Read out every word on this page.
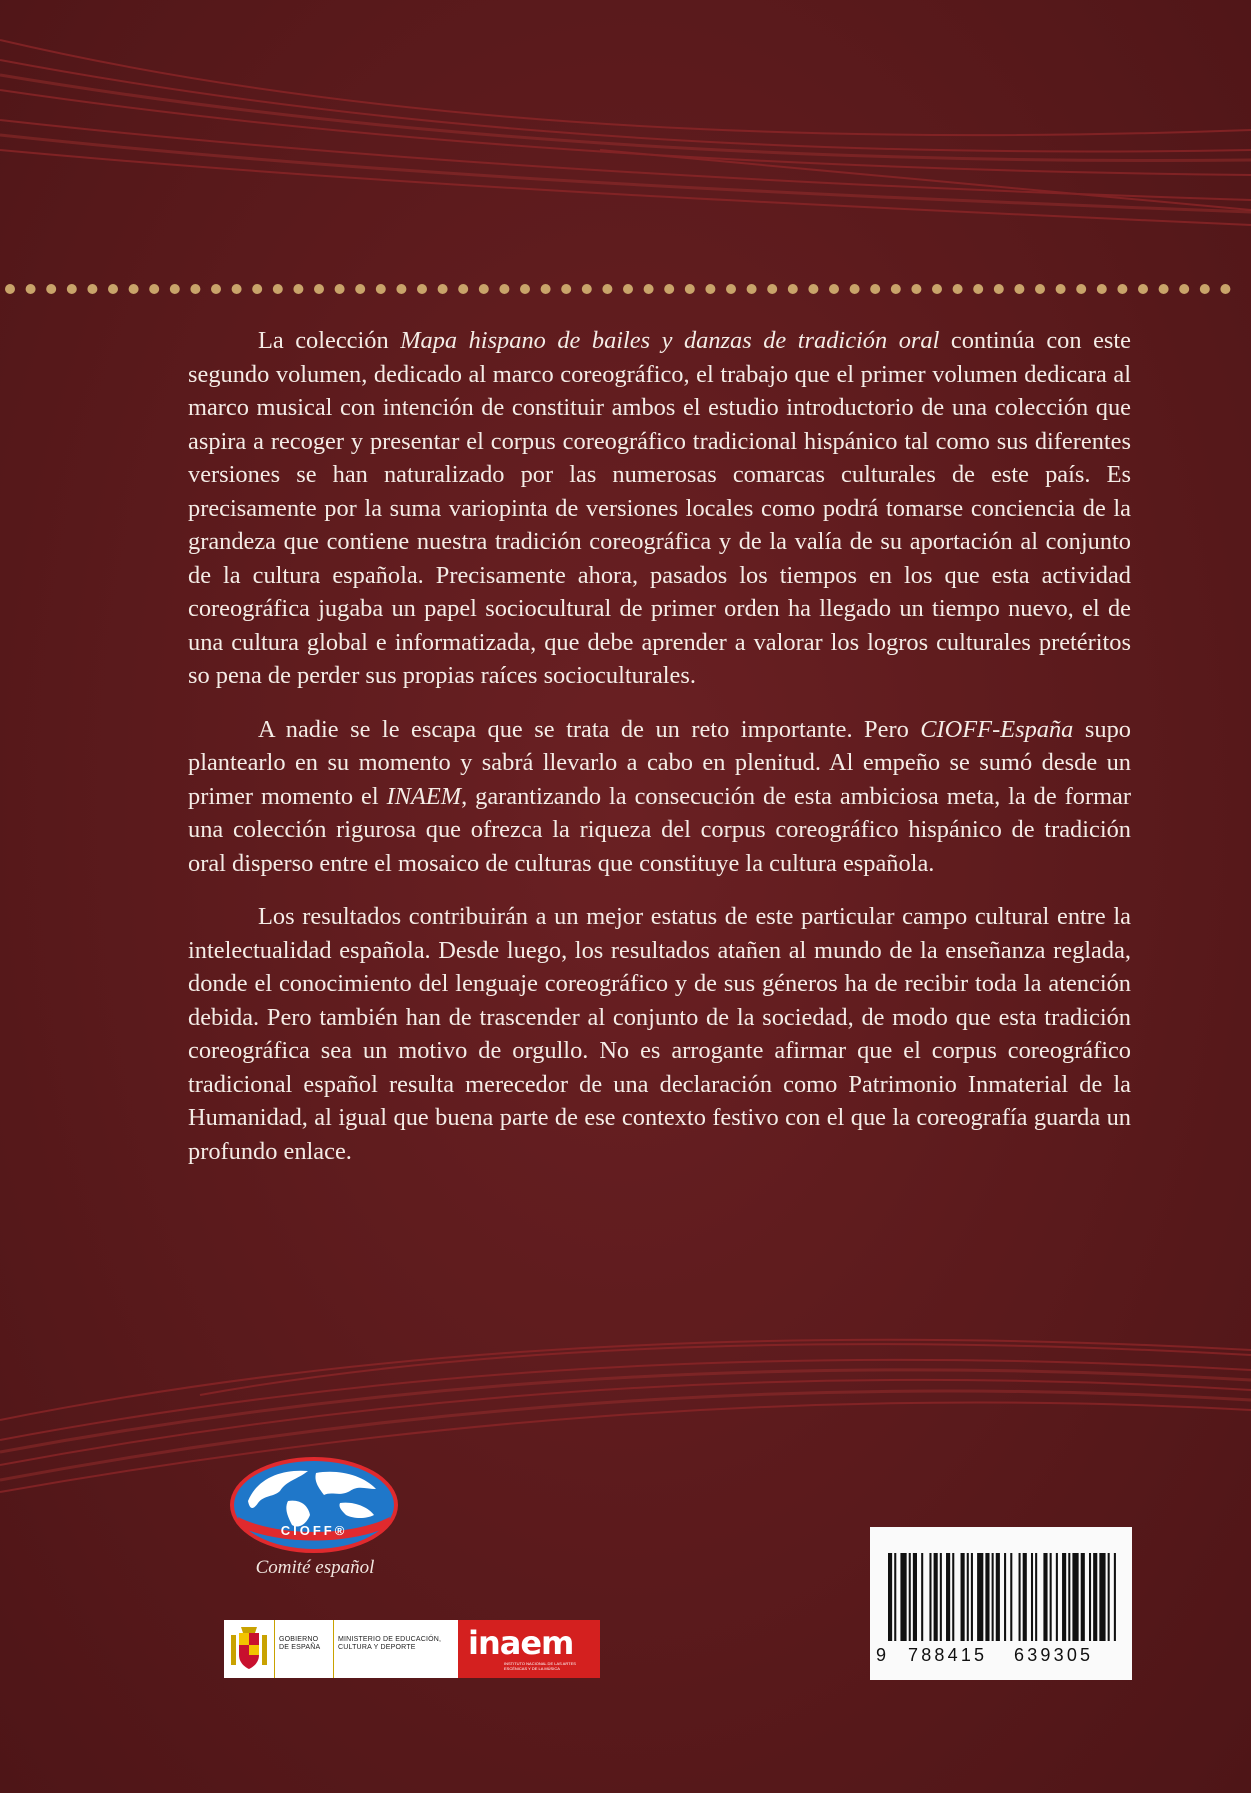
La colección Mapa hispano de bailes y danzas de tradición oral continúa con este segundo volumen, dedicado al marco coreográfico, el trabajo que el primer volumen dedicara al marco musical con intención de constituir ambos el estudio introductorio de una colección que aspira a recoger y presentar el corpus coreográfico tradicional hispánico tal como sus diferentes versiones se han naturalizado por las numerosas comarcas culturales de este país. Es precisamente por la suma variopinta de versiones locales como podrá tomarse conciencia de la grandeza que contiene nuestra tradición coreográfica y de la valía de su aportación al conjunto de la cultura española. Precisamente ahora, pasados los tiempos en los que esta actividad coreográfica jugaba un papel sociocultural de primer orden ha llegado un tiempo nuevo, el de una cultura global e informatizada, que debe aprender a valorar los logros culturales pretéritos so pena de perder sus propias raíces socioculturales.

A nadie se le escapa que se trata de un reto importante. Pero CIOFF-España supo plantearlo en su momento y sabrá llevarlo a cabo en plenitud. Al empeño se sumó desde un primer momento el INAEM, garantizando la consecución de esta ambiciosa meta, la de formar una colección rigurosa que ofrezca la riqueza del corpus coreográfico hispánico de tradición oral disperso entre el mosaico de culturas que constituye la cultura española.

Los resultados contribuirán a un mejor estatus de este particular campo cultural entre la intelectualidad española. Desde luego, los resultados atañen al mundo de la enseñanza reglada, donde el conocimiento del lenguaje coreográfico y de sus géneros ha de recibir toda la atención debida. Pero también han de trascender al conjunto de la sociedad, de modo que esta tradición coreográfica sea un motivo de orgullo. No es arrogante afirmar que el corpus coreográfico tradicional español resulta merecedor de una declaración como Patrimonio Inmaterial de la Humanidad, al igual que buena parte de ese contexto festivo con el que la coreografía guarda un profundo enlace.

CIOFF®
Comité español
GOBIERNO DE ESPAÑA
MINISTERIO DE EDUCACIÓN, CULTURA Y DEPORTE	inaem
INSTITUTO NACIONAL DE LAS ARTES ESCÉNICAS Y DE LA MÚSICA
9 788415 639305
